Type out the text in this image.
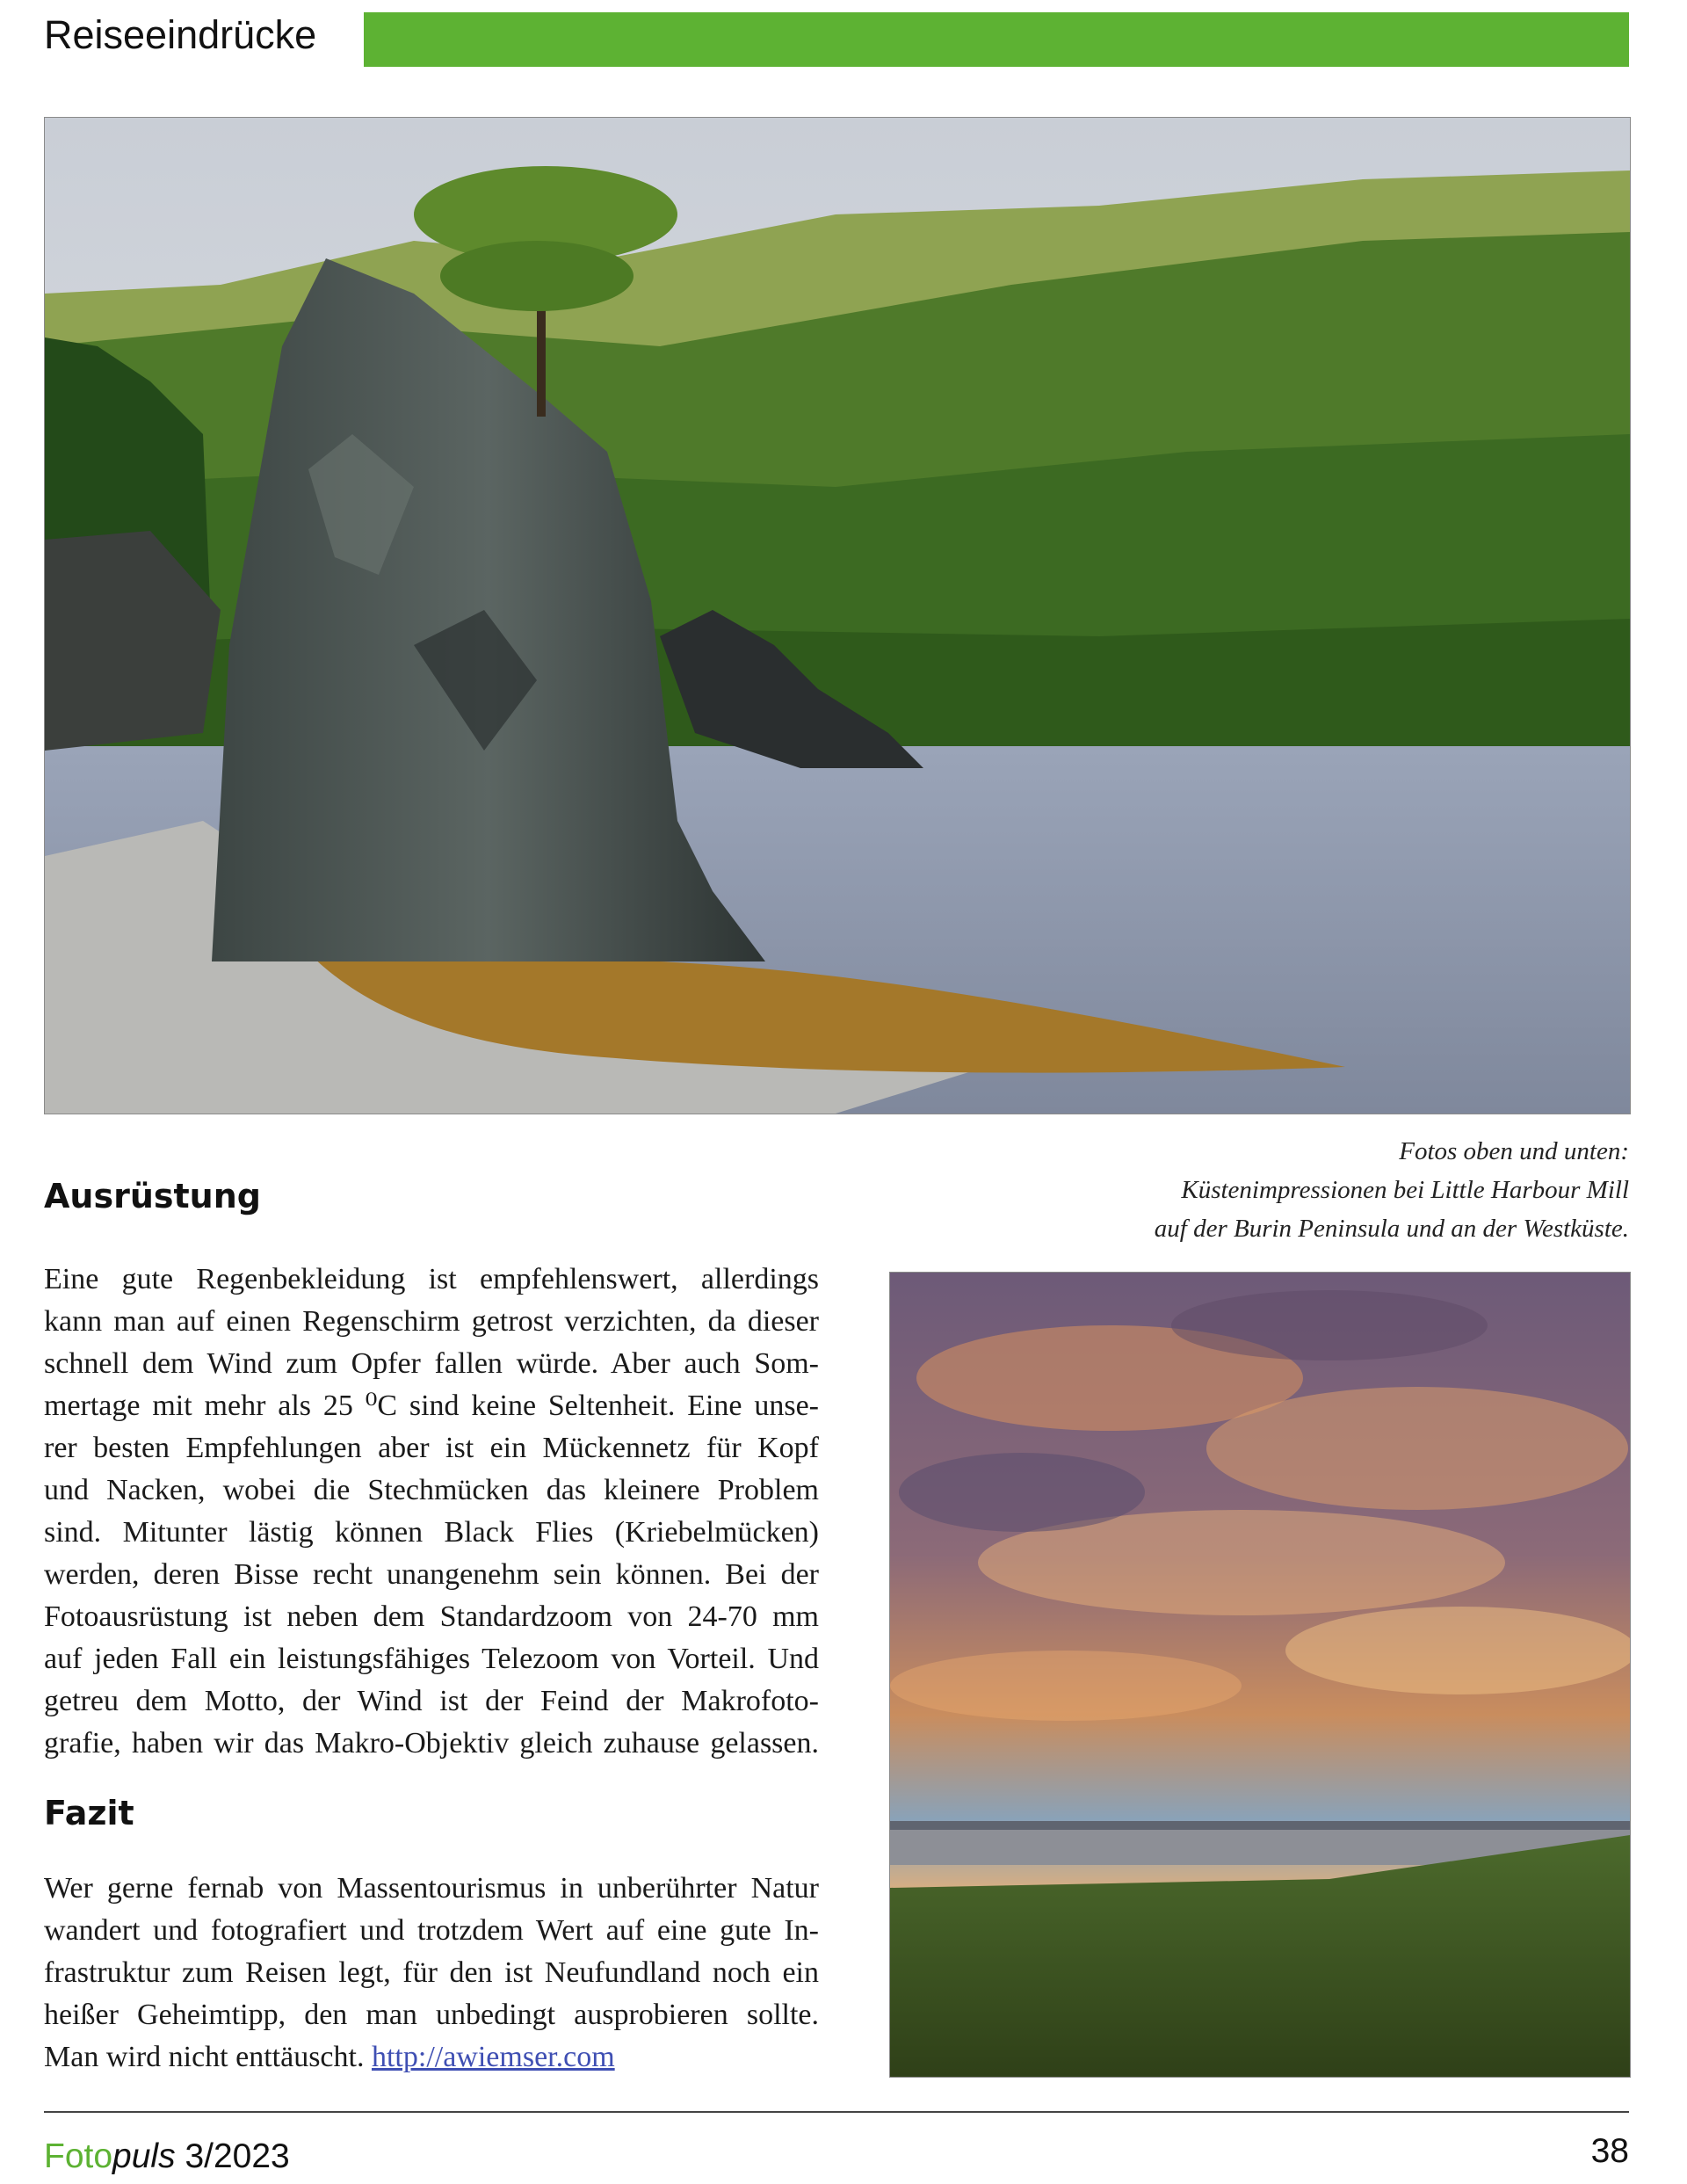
Reiseeindrücke
Fotos oben und unten:
Küstenimpressionen bei Little Harbour Mill
auf der Burin Peninsula und an der Westküste.
Ausrüstung
Eine gute Regenbekleidung ist empfehlenswert, allerdings
kann man auf einen Regenschirm getrost verzichten, da dieser
schnell dem Wind zum Opfer fallen würde. Aber auch Som-
mertage mit mehr als 25 ⁰C sind keine Seltenheit. Eine unse-
rer besten Empfehlungen aber ist ein Mückennetz für Kopf
und Nacken, wobei die Stechmücken das kleinere Problem
sind. Mitunter lästig können Black Flies (Kriebelmücken)
werden, deren Bisse recht unangenehm sein können. Bei der
Fotoausrüstung ist neben dem Standardzoom von 24-70 mm
auf jeden Fall ein leistungsfähiges Telezoom von Vorteil. Und
getreu dem Motto, der Wind ist der Feind der Makrofoto-
grafie, haben wir das Makro-Objektiv gleich zuhause gelassen.
Fazit
Wer gerne fernab von Massentourismus in unberührter Natur
wandert und fotografiert und trotzdem Wert auf eine gute In-
frastruktur zum Reisen legt, für den ist Neufundland noch ein
heißer Geheimtipp, den man unbedingt ausprobieren sollte.
Man wird nicht enttäuscht. http://awiemser.com
Fotopuls 3/2023	38
